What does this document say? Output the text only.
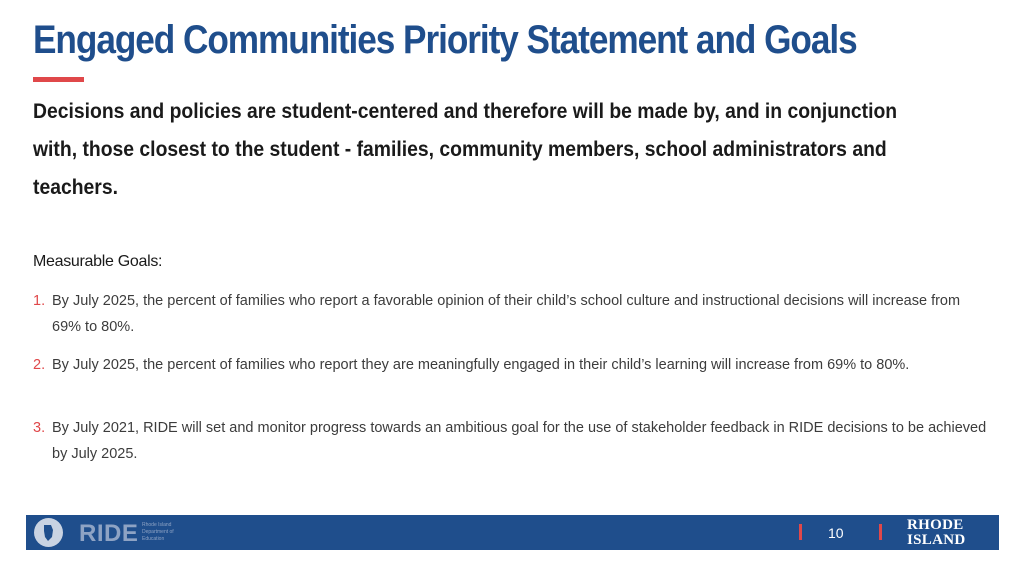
Engaged Communities Priority Statement and Goals

Decisions and policies are student-centered and therefore will be made by, and in conjunction with, those closest to the student - families, community members, school administrators and teachers.

Measurable Goals:

1. By July 2025, the percent of families who report a favorable opinion of their child’s school culture and instructional decisions will increase from 69% to 80%.
2. By July 2025, the percent of families who report they are meaningfully engaged in their child’s learning will increase from 69% to 80%.
3. By July 2021, RIDE will set and monitor progress towards an ambitious goal for the use of stakeholder feedback in RIDE decisions to be achieved by July 2025.
RIDE Rhode Island Department of Education	10	RHODE
ISLAND
